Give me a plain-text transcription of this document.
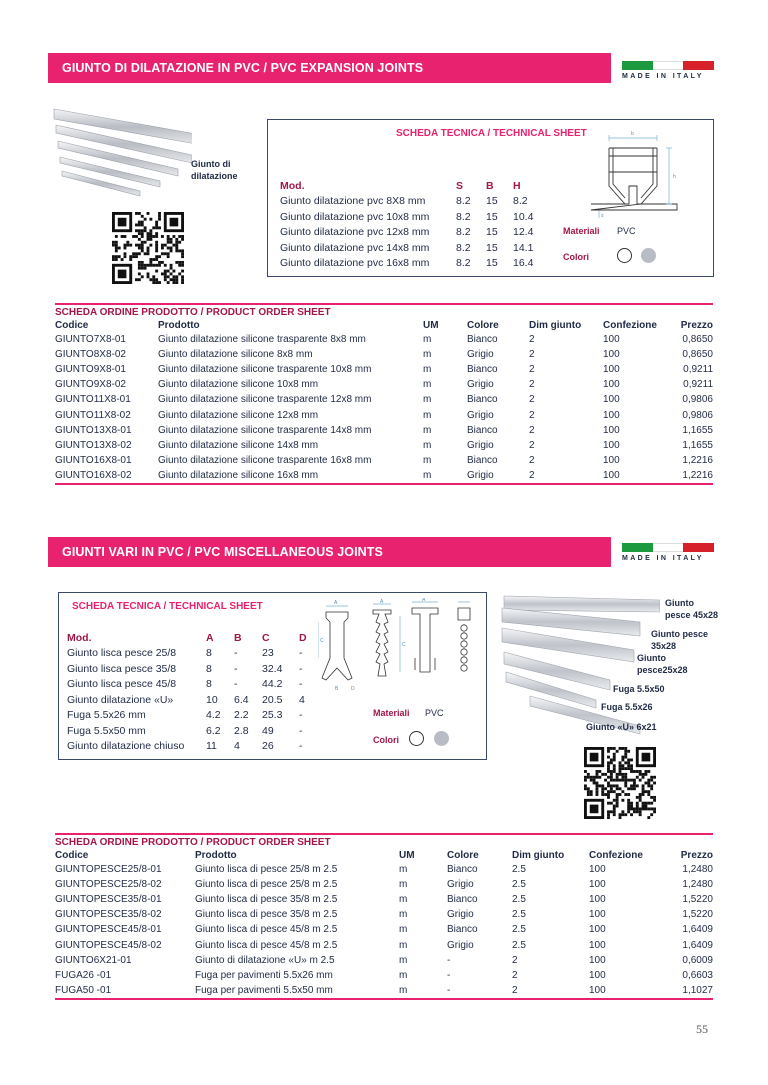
GIUNTO DI DILATAZIONE IN PVC / PVC EXPANSION JOINTS
MADE IN ITALY
Giunto di
dilatazione
SCHEDA TECNICA / TECHNICAL SHEET
Mod.	S	B	H
Giunto dilatazione pvc 8X8 mm	8.2	15	8.2
Giunto dilatazione pvc 10x8 mm	8.2	15	10.4
Giunto dilatazione pvc 12x8 mm	8.2	15	12.4
Giunto dilatazione pvc 14x8 mm	8.2	15	14.1
Giunto dilatazione pvc 16x8 mm	8.2	15	16.4
b
h
s
Materiali PVC
Colori
SCHEDA ORDINE PRODOTTO / PRODUCT ORDER SHEET
Codice	Prodotto	UM	Colore	Dim giunto	Confezione	Prezzo
GIUNTO7X8-01	Giunto dilatazione silicone trasparente 8x8 mm	m	Bianco	2	100	0,8650
GIUNTO8X8-02	Giunto dilatazione silicone 8x8 mm	m	Grigio	2	100	0,8650
GIUNTO9X8-01	Giunto dilatazione silicone trasparente 10x8 mm	m	Bianco	2	100	0,9211
GIUNTO9X8-02	Giunto dilatazione silicone 10x8 mm	m	Grigio	2	100	0,9211
GIUNTO11X8-01	Giunto dilatazione silicone trasparente 12x8 mm	m	Bianco	2	100	0,9806
GIUNTO11X8-02	Giunto dilatazione silicone 12x8 mm	m	Grigio	2	100	0,9806
GIUNTO13X8-01	Giunto dilatazione silicone trasparente 14x8 mm	m	Bianco	2	100	1,1655
GIUNTO13X8-02	Giunto dilatazione silicone 14x8 mm	m	Grigio	2	100	1,1655
GIUNTO16X8-01	Giunto dilatazione silicone trasparente 16x8 mm	m	Bianco	2	100	1,2216
GIUNTO16X8-02	Giunto dilatazione silicone 16x8 mm	m	Grigio	2	100	1,2216
GIUNTI VARI IN PVC / PVC MISCELLANEOUS JOINTS	MADE IN ITALY
SCHEDA TECNICA / TECHNICAL SHEET
Mod.	A	B	C	D
Giunto lisca pesce 25/8	8	-	23	-
Giunto lisca pesce 35/8	8	-	32.4	-
Giunto lisca pesce 45/8	8	-	44.2	-
Giunto dilatazione «U»	10	6.4	20.5	4
Fuga 5.5x26 mm	4.2	2.2	25.3	-
Fuga 5.5x50 mm	6.2	2.8	49	-
Giunto dilatazione chiuso	11	4	26	-
A	A	A
C
C
B	D
Materiali PVC
Colori
Giunto
pesce 45x28
Giunto pesce
35x28
Giunto
pesce25x28
Fuga 5.5x50
Fuga 5.5x26
Giunto «U» 6x21
SCHEDA ORDINE PRODOTTO / PRODUCT ORDER SHEET
Codice	Prodotto	UM	Colore	Dim giunto	Confezione	Prezzo
GIUNTOPESCE25/8-01	Giunto lisca di pesce 25/8 m 2.5	m	Bianco	2.5	100	1,2480
GIUNTOPESCE25/8-02	Giunto lisca di pesce 25/8 m 2.5	m	Grigio	2.5	100	1,2480
GIUNTOPESCE35/8-01	Giunto lisca di pesce 35/8 m 2.5	m	Bianco	2.5	100	1,5220
GIUNTOPESCE35/8-02	Giunto lisca di pesce 35/8 m 2.5	m	Grigio	2.5	100	1,5220
GIUNTOPESCE45/8-01	Giunto lisca di pesce 45/8 m 2.5	m	Bianco	2.5	100	1,6409
GIUNTOPESCE45/8-02	Giunto lisca di pesce 45/8 m 2.5	m	Grigio	2.5	100	1,6409
GIUNTO6X21-01	Giunto di dilatazione «U» m 2.5	m	-	2	100	0,6009
FUGA26 -01	Fuga per pavimenti 5.5x26 mm	m	-	2	100	0,6603
FUGA50 -01	Fuga per pavimenti 5.5x50 mm	m	-	2	100	1,1027
55
